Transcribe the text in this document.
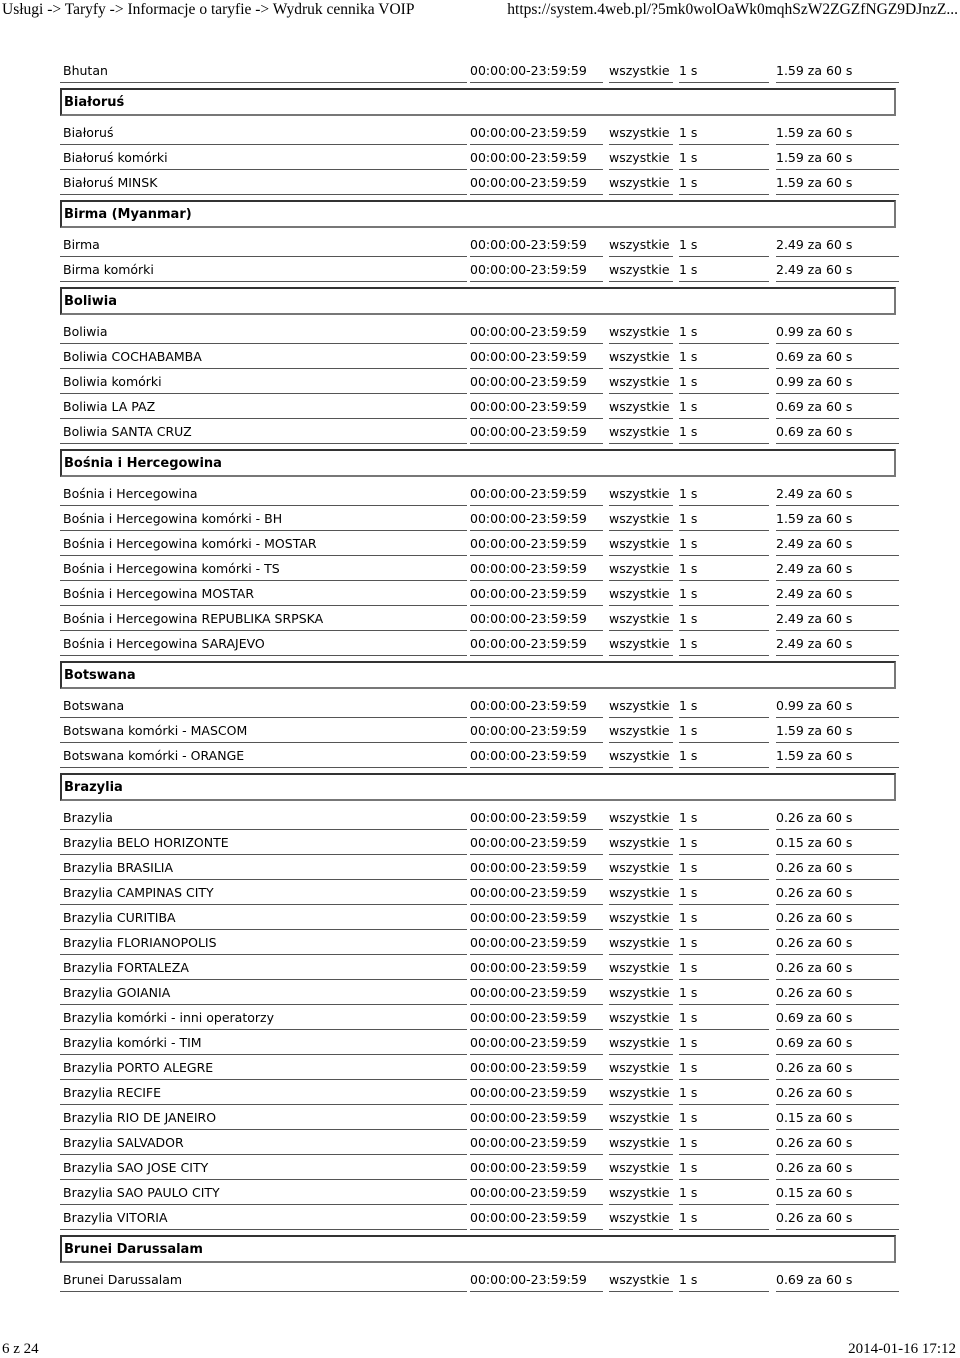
Usługi -> Taryfy -> Informacje o taryfie -> Wydruk cennika VOIP	https://system.4web.pl/?5mk0wolOaWk0mqhSzW2ZGZfNGZ9DJnzZ...
Bhutan	00:00:00-23:59:59	wszystkie 1 s	1.59 za 60 s
Białoruś
Białoruś	00:00:00-23:59:59	wszystkie 1 s	1.59 za 60 s
Białoruś komórki	00:00:00-23:59:59	wszystkie 1 s	1.59 za 60 s
Białoruś MINSK	00:00:00-23:59:59	wszystkie 1 s	1.59 za 60 s
Birma (Myanmar)
Birma	00:00:00-23:59:59	wszystkie 1 s	2.49 za 60 s
Birma komórki	00:00:00-23:59:59	wszystkie 1 s	2.49 za 60 s
Boliwia
Boliwia	00:00:00-23:59:59	wszystkie 1 s	0.99 za 60 s
Boliwia COCHABAMBA	00:00:00-23:59:59	wszystkie 1 s	0.69 za 60 s
Boliwia komórki	00:00:00-23:59:59	wszystkie 1 s	0.99 za 60 s
Boliwia LA PAZ	00:00:00-23:59:59	wszystkie 1 s	0.69 za 60 s
Boliwia SANTA CRUZ	00:00:00-23:59:59	wszystkie 1 s	0.69 za 60 s
Bośnia i Hercegowina
Bośnia i Hercegowina	00:00:00-23:59:59	wszystkie 1 s	2.49 za 60 s
Bośnia i Hercegowina komórki - BH	00:00:00-23:59:59	wszystkie 1 s	1.59 za 60 s
Bośnia i Hercegowina komórki - MOSTAR	00:00:00-23:59:59	wszystkie 1 s	2.49 za 60 s
Bośnia i Hercegowina komórki - TS	00:00:00-23:59:59	wszystkie 1 s	2.49 za 60 s
Bośnia i Hercegowina MOSTAR	00:00:00-23:59:59	wszystkie 1 s	2.49 za 60 s
Bośnia i Hercegowina REPUBLIKA SRPSKA	00:00:00-23:59:59	wszystkie 1 s	2.49 za 60 s
Bośnia i Hercegowina SARAJEVO	00:00:00-23:59:59	wszystkie 1 s	2.49 za 60 s
Botswana
Botswana	00:00:00-23:59:59	wszystkie 1 s	0.99 za 60 s
Botswana komórki - MASCOM	00:00:00-23:59:59	wszystkie 1 s	1.59 za 60 s
Botswana komórki - ORANGE	00:00:00-23:59:59	wszystkie 1 s	1.59 za 60 s
Brazylia
Brazylia	00:00:00-23:59:59	wszystkie 1 s	0.26 za 60 s
Brazylia BELO HORIZONTE	00:00:00-23:59:59	wszystkie 1 s	0.15 za 60 s
Brazylia BRASILIA	00:00:00-23:59:59	wszystkie 1 s	0.26 za 60 s
Brazylia CAMPINAS CITY	00:00:00-23:59:59	wszystkie 1 s	0.26 za 60 s
Brazylia CURITIBA	00:00:00-23:59:59	wszystkie 1 s	0.26 za 60 s
Brazylia FLORIANOPOLIS	00:00:00-23:59:59	wszystkie 1 s	0.26 za 60 s
Brazylia FORTALEZA	00:00:00-23:59:59	wszystkie 1 s	0.26 za 60 s
Brazylia GOIANIA	00:00:00-23:59:59	wszystkie 1 s	0.26 za 60 s
Brazylia komórki - inni operatorzy	00:00:00-23:59:59	wszystkie 1 s	0.69 za 60 s
Brazylia komórki - TIM	00:00:00-23:59:59	wszystkie 1 s	0.69 za 60 s
Brazylia PORTO ALEGRE	00:00:00-23:59:59	wszystkie 1 s	0.26 za 60 s
Brazylia RECIFE	00:00:00-23:59:59	wszystkie 1 s	0.26 za 60 s
Brazylia RIO DE JANEIRO	00:00:00-23:59:59	wszystkie 1 s	0.15 za 60 s
Brazylia SALVADOR	00:00:00-23:59:59	wszystkie 1 s	0.26 za 60 s
Brazylia SAO JOSE CITY	00:00:00-23:59:59	wszystkie 1 s	0.26 za 60 s
Brazylia SAO PAULO CITY	00:00:00-23:59:59	wszystkie 1 s	0.15 za 60 s
Brazylia VITORIA	00:00:00-23:59:59	wszystkie 1 s	0.26 za 60 s
Brunei Darussalam
Brunei Darussalam	00:00:00-23:59:59	wszystkie 1 s	0.69 za 60 s
6 z 24	2014-01-16 17:12
